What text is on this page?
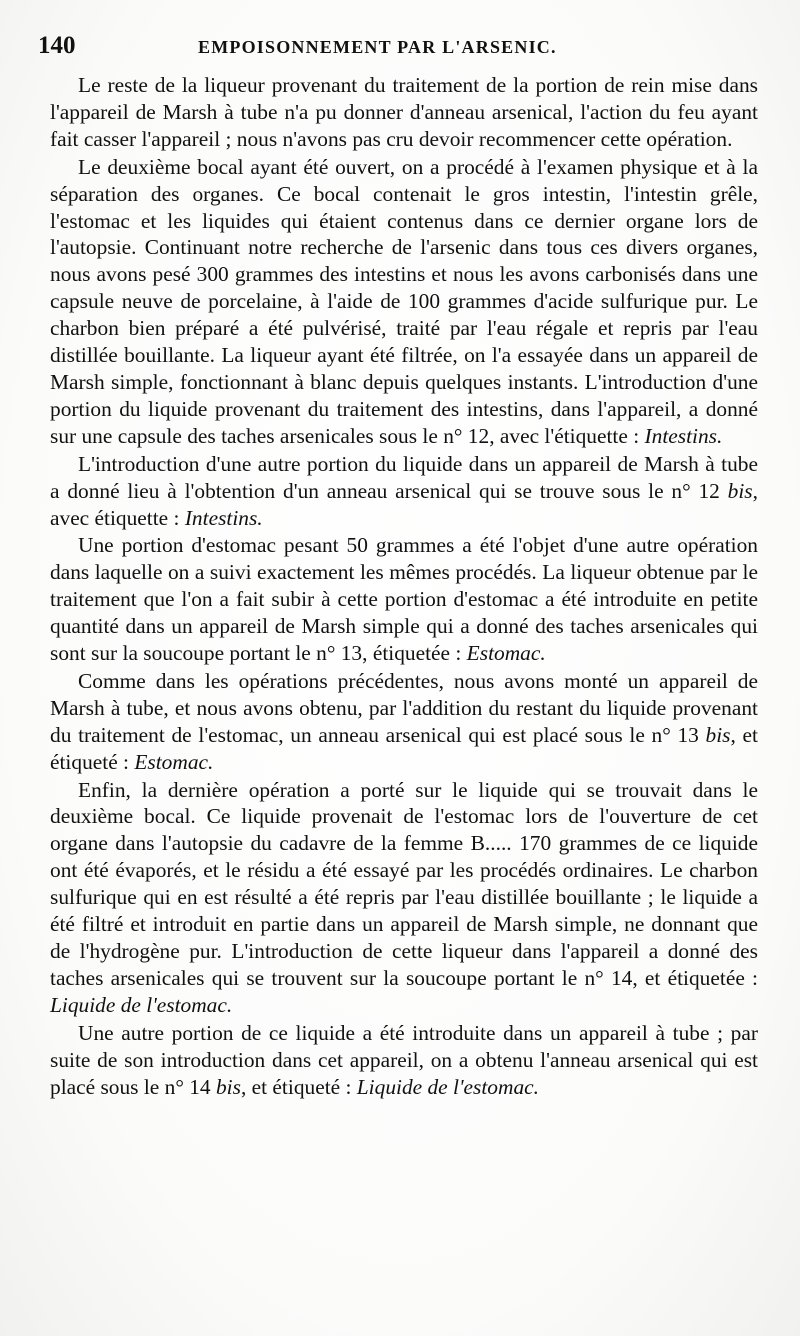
140	EMPOISONNEMENT PAR L'ARSENIC.

Le reste de la liqueur provenant du traitement de la portion de rein mise dans l'appareil de Marsh à tube n'a pu donner d'anneau arsenical, l'action du feu ayant fait casser l'appareil ; nous n'avons pas cru devoir recommencer cette opération.

Le deuxième bocal ayant été ouvert, on a procédé à l'examen physique et à la séparation des organes. Ce bocal contenait le gros intestin, l'intestin grêle, l'estomac et les liquides qui étaient contenus dans ce dernier organe lors de l'autopsie. Continuant notre recherche de l'arsenic dans tous ces divers organes, nous avons pesé 300 grammes des intestins et nous les avons carbonisés dans une capsule neuve de porcelaine, à l'aide de 100 grammes d'acide sulfurique pur. Le charbon bien préparé a été pulvérisé, traité par l'eau régale et repris par l'eau distillée bouillante. La liqueur ayant été filtrée, on l'a essayée dans un appareil de Marsh simple, fonctionnant à blanc depuis quelques instants. L'introduction d'une portion du liquide provenant du traitement des intestins, dans l'appareil, a donné sur une capsule des taches arsenicales sous le n° 12, avec l'étiquette : Intestins.

L'introduction d'une autre portion du liquide dans un appareil de Marsh à tube a donné lieu à l'obtention d'un anneau arsenical qui se trouve sous le n° 12 bis, avec étiquette : Intestins.

Une portion d'estomac pesant 50 grammes a été l'objet d'une autre opération dans laquelle on a suivi exactement les mêmes procédés. La liqueur obtenue par le traitement que l'on a fait subir à cette portion d'estomac a été introduite en petite quantité dans un appareil de Marsh simple qui a donné des taches arsenicales qui sont sur la soucoupe portant le n° 13, étiquetée : Estomac.

Comme dans les opérations précédentes, nous avons monté un appareil de Marsh à tube, et nous avons obtenu, par l'addition du restant du liquide provenant du traitement de l'estomac, un anneau arsenical qui est placé sous le n° 13 bis, et étiqueté : Estomac.

Enfin, la dernière opération a porté sur le liquide qui se trouvait dans le deuxième bocal. Ce liquide provenait de l'estomac lors de l'ouverture de cet organe dans l'autopsie du cadavre de la femme B..... 170 grammes de ce liquide ont été évaporés, et le résidu a été essayé par les procédés ordinaires. Le charbon sulfurique qui en est résulté a été repris par l'eau distillée bouillante ; le liquide a été filtré et introduit en partie dans un appareil de Marsh simple, ne donnant que de l'hydrogène pur. L'introduction de cette liqueur dans l'appareil a donné des taches arsenicales qui se trouvent sur la soucoupe portant le n° 14, et étiquetée : Liquide de l'estomac.

Une autre portion de ce liquide a été introduite dans un appareil à tube ; par suite de son introduction dans cet appareil, on a obtenu l'anneau arsenical qui est placé sous le n° 14 bis, et étiqueté : Liquide de l'estomac.
